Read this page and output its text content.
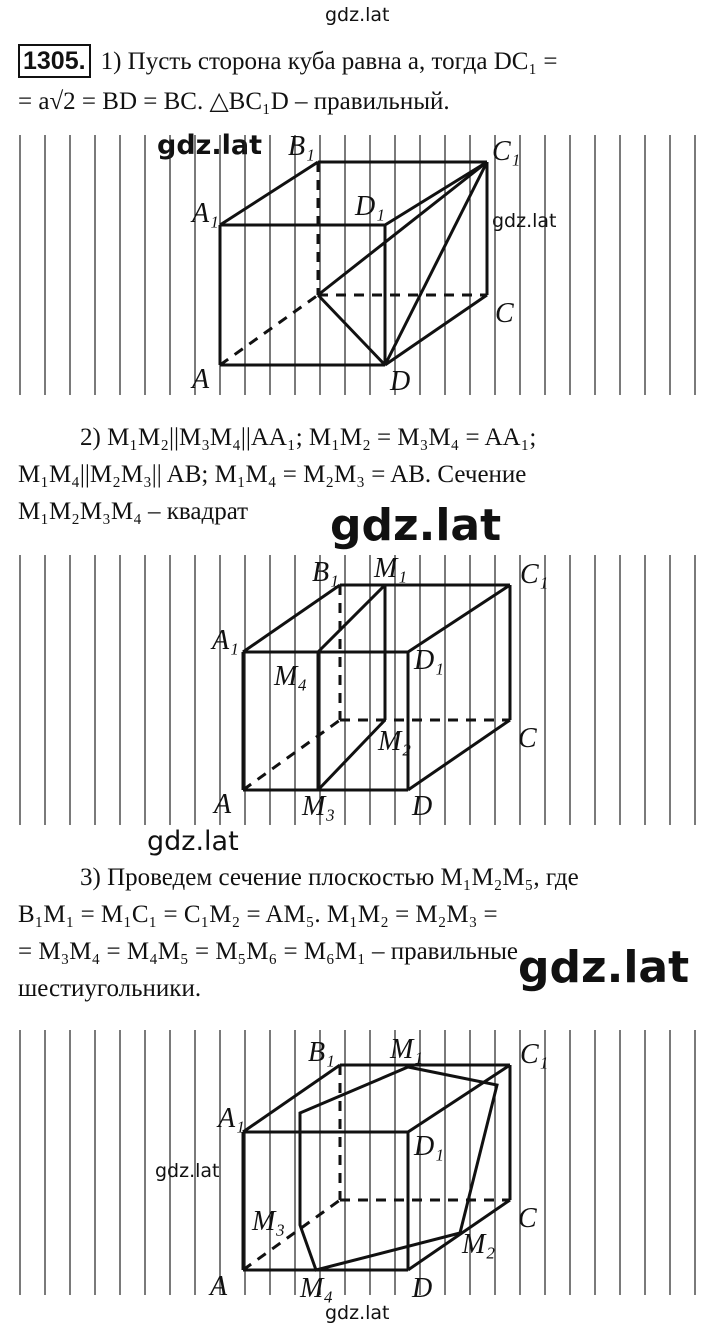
gdz.lat
gdz.lat
gdz.lat
gdz.lat
gdz.lat
gdz.lat
gdz.lat
gdz.lat
1305. 1) Пусть сторона куба равна a, тогда DC₁ =
= a√2 = BD = BC. △BC₁D – правильный.
A
A₁
B₁	C₁
D₁
C
D
2) M₁M₂||M₃M₄||AA₁; M₁M₂ = M₃M₄ = AA₁;
M₁M₄||M₂M₃|| AB; M₁M₄ = M₂M₃ = AB. Сечение
M₁M₂M₃M₄ – квадрат
A
A₁
B₁ M₁	C₁
M₄
D₁
C
M₂
M₃	D
3) Проведем сечение плоскостью M₁M₂M₅, где
B₁M₁ = M₁C₁ = C₁M₂ = AM₅. M₁M₂ = M₂M₃ =
= M₃M₄ = M₄M₅ = M₅M₆ = M₆M₁ – правильные
шестиугольники.
A
A₁
B₁ M₁	C₁
D₁
M₃	C
M₂
M₄	D
